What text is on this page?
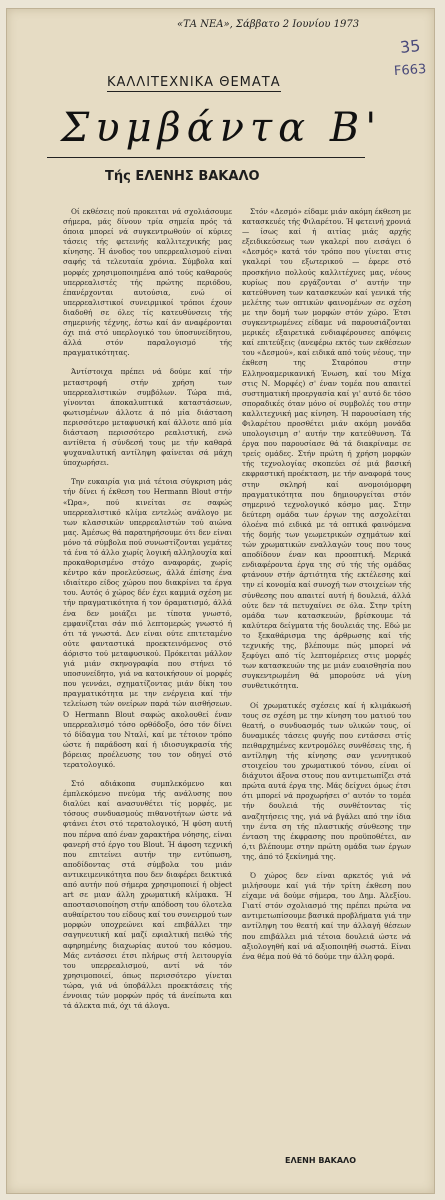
«ΤΑ ΝΕΑ», Σάββατο 2 Ιουνίου 1973
35
F663
ΚΑΛΛΙΤΕΧΝΙΚΑ ΘΕΜΑΤΑ
Συμβάντα Β'
Τής ΕΛΕΝΗΣ ΒΑΚΑΛΟ

Οί εκθέσεις πού προκειται νά σχολιάσουμε σήμερα, μάς δίνουν τρία σημεία πρός τά όποια μπορεί νά συγκεντρωθούν οί κύριες τάσεις τής φετεινής καλλιτεχνικής μας κίνησης. Ή άνοδος του υπερρεαλισμού είναι σαφής τά τελευταία χρόνια. Σύμβολα καί μορφές χρησιμοποιημένα από τούς καθαρούς υπερρεαλιστές τής πρώτης περιόδου, έπανέρχονται αυτούσια, ενώ οί υπερρεαλιστικοί συνειρμικοί τρόποι έχουν διαδοθή σε όλες τίς κατευθύνσεις τής σημερινής τέχνης, έστω καί άν αναφέρονται όχι πιά στό υπερλογικό του ύποσυνείδητου, άλλά στόν παραλογισμό τής πραγματικότητας.

Άντίστοιχα πρέπει νά δούμε καί τήν μεταστροφή στήν χρήση των υπερρεαλιστικών συμβόλων. Τώρα πιά, γίνονται άποκαλυπτικά καταστάσεων, φωτισμένων άλλοτε ά πό μία διάσταση περισσότερο μεταφυσική καί άλλοτε από μία διάσταση περισσότερο ρεαλιστική, ενώ αντίθετα ή σύνδεσή τους με τήν καθαρά ψυχαναλυτική αντίληψη φαίνεται σά μάχη ύποχωρήσει.

Την ευκαιρία για μιά τέτοια σύγκριση μάς τήν δίνει ή έκθεση του Hermann Blout στήν «Ώρα», πού κινείται σε σαφώς υπερρεαλιστικό κλίμα εντελώς ανάλογο με των κλασσικών υπερρεαλιστών τού αιώνα μας. Άμέσως θά παρατηρήσουμε ότι δεν είναι μόνο τά σύμβολα πού συνωστίζονται γεμάτες τά ένα τό άλλο χωρίς λογική αλληλουχία καί προκαθορισμένο στόχο αναφοράς, χωρίς κέντρο κάν προελεύσεως, άλλά έπίσης ένα ιδιαίτερο είδος χώρου που διακρίνει τα έργα του. Αυτός ό χώρος δέν έχει καμμιά σχέση με τήν πραγματικότητα ή τον όραματισμό, άλλά ένα δεν μοιάζει με τίποτα γνωστό, εμφανίζεται σάν πιό λεπτομερώς γνωστό ή ότι τά γνωστά. Δεν είναι ούτε επιτεταμένο ούτε φανταστικά προεκτεινόμενος στό άόριστο τού μεταφυσικού. Πρόκειται μάλλον γιά μιάν σκηνογραφία που στήνει τό υποσυνείδητο, γιά να κατοικήσουν οί μορφές που γεννάει, σχηματίζοντας μιάν δίκη του πραγματικότητα με την ενέργεια καί τήν τελείωση τών ονείρων παρά τών αισθήσεων. Ό Hermann Blout σαφώς ακολουθεί έναν υπερρεαλισμό τόσο ορθόδοξο, όσο τόν δίνει τό δίδαγμα του Νταλί, καί με τέτοιον τρόπο ώστε ή παράδοση καί ή ιδιοσυγκρασία τής βόρειας προέλευσης του τον οδηγεί στό τερατολογικό.

Στό αδιάκοπα συμπλεκόμενο και έμπλεκόμενο πνεύμα τής ανάλυσης που διαλύει καί ανασυνθέτει τίς μορφές, με τόσους συνδυασμούς πιθανοτήτων ώστε νά φτάνει έτσι στό τερατολογικό, Ή φύση αυτή που πέρνα από έναν χαρακτήρα νόησης, είναι φανερή στό έργο του Blout. Ή άφοση τεχνική που επιτείνει αυτήν την εντύπωση, αποδίδοντας στά σύμβολα του μιάν αντικειμενικότητα που δεν διαφέρει δεικτικά από αυτήν πού σήμερα χρησιμοποιεί ή object art σε μιαν άλλη χρωματική κλίμακα. Ή αποστασιοποίηση στήν απόδοση του όλοτελα αυθαίρετου του είδους καί του συνειρμού των μορφών υποχρεώνει καί επιβάλλει την σαγηνευτική καί μαζί εφιαλτική πειθώ τής αφηρημένης διαχωρίας αυτού του κόσμου. Μάς εντάσσει έτσι πλήρως στή λειτουργία του υπερρεαλισμού, αντί νά τόν χρησιμοποιεί, όπως περισσότερο γίνεται τώρα, γιά νά ύποβάλλει προεκτάσεις τής έννοιας τών μορφών πρός τά άνείπωτα και τά άλεκτα πιά, όχι τά άλογα.

Στόν «Δεσμό» είδαμε μιάν ακόμη έκθεση με κατασκευές τής Φιλαρέτου. Ή φετεινή χρονιά — ίσως καί ή αιτίας μιάς αρχής εξειδικεύσεως των γκαλερί που εισάγει ό «Δεσμός» κατά τόν τρόπο που γίνεται στις γκαλερί του εξωτερικού — έφερε στό προσκήνιο πολλούς καλλιτέχνες μας, νέους κυρίως που εργάζονται σ' αυτήν την κατεύθυνση των κατασκευών καί γενικά τής μελέτης των οπτικών φαινομένων σε σχέση με την δομή των μορφών στόν χώρο. Έτσι συγκεντρωμένες είδαμε νά παρουσιάζονται μερικές εξαιρετικά ενδιαφέρουσες απόψεις καί επιτεύξεις (ανεφέρω εκτός των εκθέσεων του «Δεσμού», καί ειδικά από τούς νέους, την έκθεση της Σταρόπου στην Ελληνοαμερικανική Ένωση, καί του Μίχα στις Ν. Μορφές) σ' έναν τομέα που απαιτεί συστηματική προεργασία καί γι' αυτό δε τόσο σποραδικές όταν μόνο οί συμβολές του στην καλλιτεχνική μας κίνηση. Ή παρουσίαση τής Φιλαρέτου προσθέτει μιάν ακόμη μονάδα υπολογισιμη σ' αυτήν την κατεύθυνση. Τά έργα που παρουσίασε θά τά διακρίναμε σε τρείς ομάδες. Στήν πρώτη ή χρήση μορφών τής τεχνολογίας σκοπεύει σέ μιά βασική εκφραστική προέκταση, με τήν αναφορά τους στην σκληρή καί ανομοιόμορφη πραγματικότητα που δημιουργείται στόν σημερινό τεχνολογικό κόσμο μας. Στην δεύτερη ομάδα των έργων της ασχολείται όλοένα πιό ειδικά με τά οπτικά φαινόμενα τής δομής των γεωμετρικών σχημάτων καί τών χρωματικών εναλλαγών τους που τους αποδίδουν έναν και προοπτική. Μερικά ενδιαφέροντα έργα της σύ τής τής ομάδας φτάνουν στήν άρτιότητα τής εκτέλεσης καί την εί κονομία καί συνοχή των στοιχείων τής σύνθεσης που απαιτεί αυτή ή δουλειά, άλλά ούτε δεν τά πετυχαίνει σε όλα. Στην τρίτη ομάδα των κατασκευών, βρίσκουμε τά καλύτερα δείγματα τής δουλειάς της. Εδώ με το ξεκαθάρισμα της άρθρωσης καί τής τεχνικής της, βλέπουμε πώς μπορεί νά ξεφύγει από τίς λεπτομέρειες στις μορφές των κατασκευών της με μιάν ευαισθησία που συγκεντρωμένη θά μπορούσε νά γίνη συνθετικότητα.

Οί χρωματικές σχέσεις καί ή κλιμάκωσή τους σε σχέση με την κίνηση του ματιού του θεατή, ο συνδυασμός των υλικών τους, οί δυναμικές τάσεις φυγής που εντάσσει στίς πειθαρχημένες κεντρομόλες συνθέσεις της, ή αντίληψη τής κίνησης σαν γεννητικού στοιχείου του χρωματικού τόνου, είναι οί διάχυτοι άξονα στους που αντιμετωπίζει στά πρώτα αυτά έργα της. Μάς δείχνει όμως έτσι ότι μπορεί νά προχωρήσει σ' αυτόν το τομέα τήν δουλειά τής συνθέτοντας τίς αναζητήσεις της, γιά νά βγάλει από την ίδια την έντα ση τής πλαστικής σύνθεσης την ένταση της έκφρασης που προϋποθέτει, αν ό,τι βλέπουμε στην πρώτη ομάδα των έργων της, άπό τό ξεκίνημά της.

Ό χώρος δεν είναι αρκετός γιά νά μιλήσουμε καί γιά τήν τρίτη έκθεση που είχαμε νά δούμε σήμερα, του Δημ. Άλεξίου. Γιατί στόν σχολιασμό της πρέπει πρώτα να αντιμετωπίσουμε βασικά προβλήματα γιά την αντίληψη του θεατή καί την άλλαγή θέσεων που επιβάλλει μιά τέτοια δουλειά ώστε νά αξιολογηθή καί νά αξιοποιηθή σωστά. Είναι ένα θέμα πού θά τό δούμε την άλλη φορά.

ΕΛΕΝΗ ΒΑΚΑΛΟ
